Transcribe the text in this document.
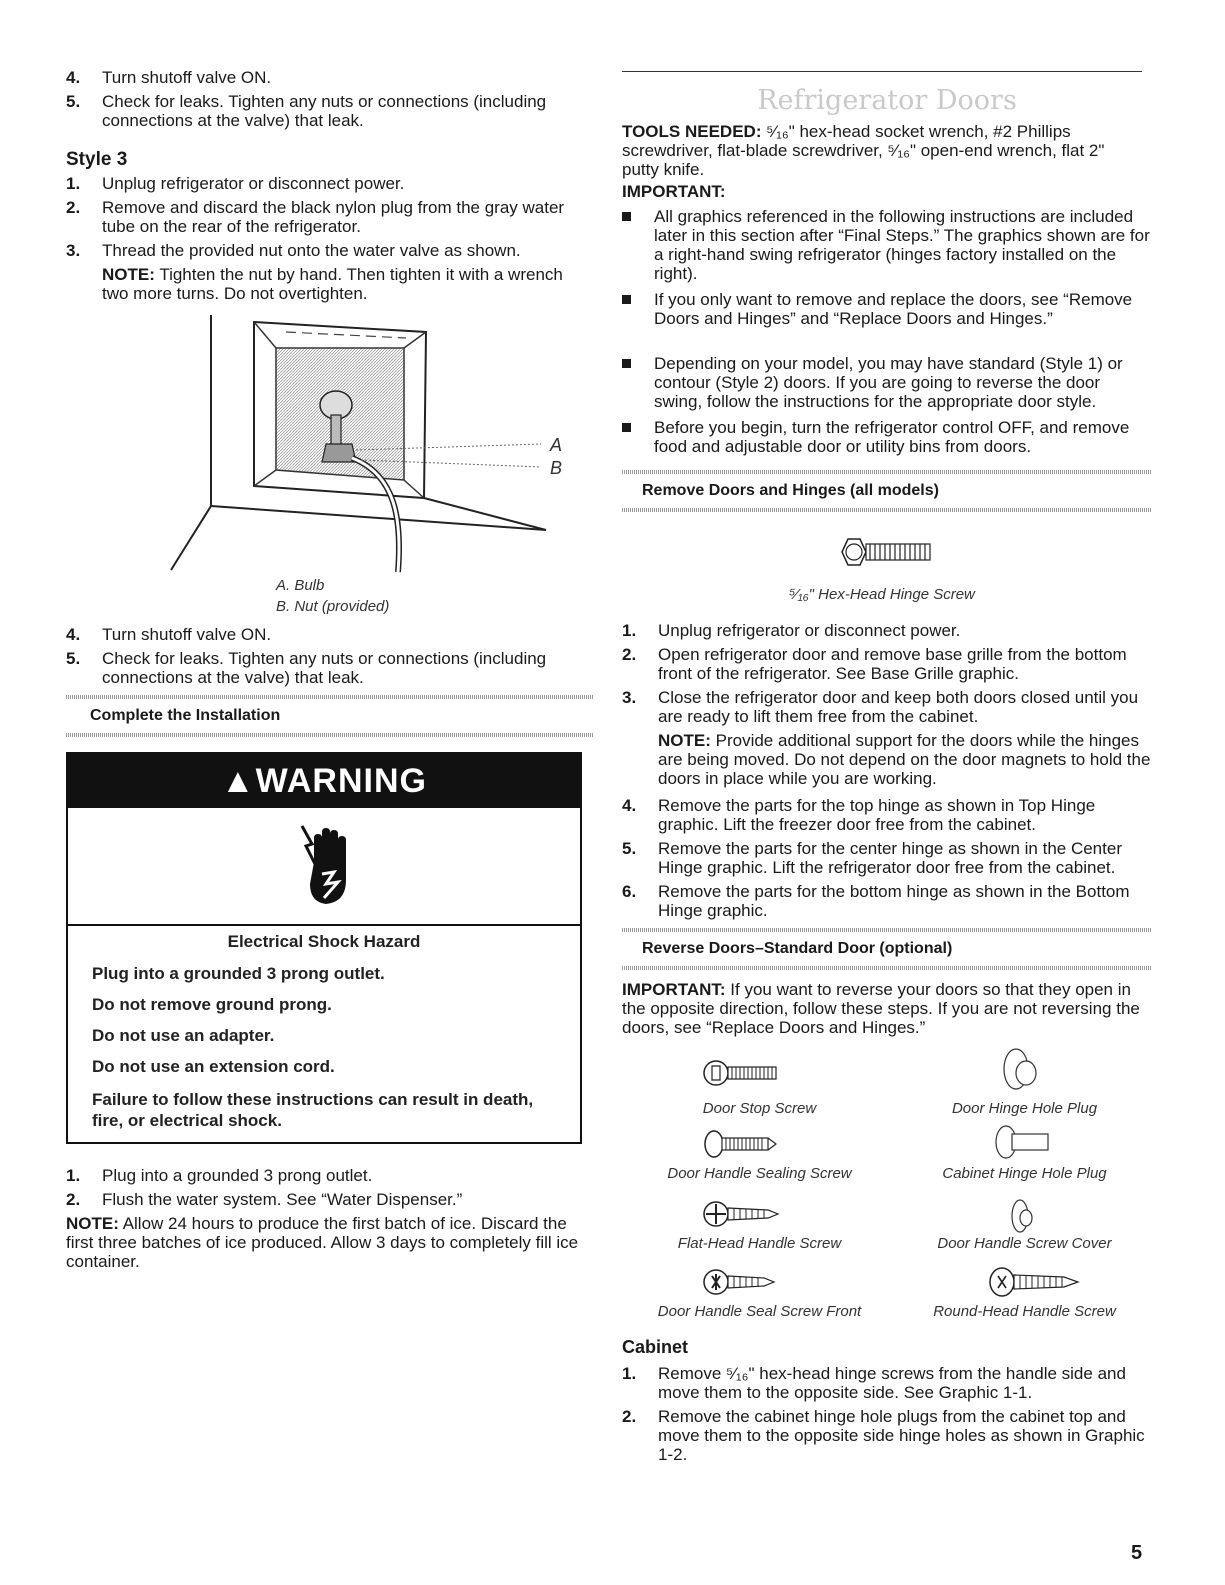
4. Turn shutoff valve ON.
5. Check for leaks. Tighten any nuts or connections (including connections at the valve) that leak.
Style 3
1. Unplug refrigerator or disconnect power.
2. Remove and discard the black nylon plug from the gray water tube on the rear of the refrigerator.
3. Thread the provided nut onto the water valve as shown.
NOTE: Tighten the nut by hand. Then tighten it with a wrench two more turns. Do not overtighten.
A
B
A. Bulb
B. Nut (provided)
4. Turn shutoff valve ON.
5. Check for leaks. Tighten any nuts or connections (including connections at the valve) that leak.
Complete the Installation
▲WARNING
Electrical Shock Hazard
Plug into a grounded 3 prong outlet.
Do not remove ground prong.
Do not use an adapter.
Do not use an extension cord.
Failure to follow these instructions can result in death, fire, or electrical shock.
1. Plug into a grounded 3 prong outlet.
2. Flush the water system. See “Water Dispenser.”
NOTE: Allow 24 hours to produce the first batch of ice. Discard the first three batches of ice produced. Allow 3 days to completely fill ice container.
Refrigerator Doors
TOOLS NEEDED: ⁵⁄₁₆" hex-head socket wrench, #2 Phillips screwdriver, flat-blade screwdriver, ⁵⁄₁₆" open-end wrench, flat 2" putty knife.
IMPORTANT:
All graphics referenced in the following instructions are included later in this section after “Final Steps.” The graphics shown are for a right-hand swing refrigerator (hinges factory installed on the right).
If you only want to remove and replace the doors, see “Remove Doors and Hinges” and “Replace Doors and Hinges.”
Depending on your model, you may have standard (Style 1) or contour (Style 2) doors. If you are going to reverse the door swing, follow the instructions for the appropriate door style.
Before you begin, turn the refrigerator control OFF, and remove food and adjustable door or utility bins from doors.
Remove Doors and Hinges (all models)
⁵⁄₁₆" Hex-Head Hinge Screw
1. Unplug refrigerator or disconnect power.
2. Open refrigerator door and remove base grille from the bottom front of the refrigerator. See Base Grille graphic.
3. Close the refrigerator door and keep both doors closed until you are ready to lift them free from the cabinet.
NOTE: Provide additional support for the doors while the hinges are being moved. Do not depend on the door magnets to hold the doors in place while you are working.
4. Remove the parts for the top hinge as shown in Top Hinge graphic. Lift the freezer door free from the cabinet.
5. Remove the parts for the center hinge as shown in the Center Hinge graphic. Lift the refrigerator door free from the cabinet.
6. Remove the parts for the bottom hinge as shown in the Bottom Hinge graphic.
Reverse Doors–Standard Door (optional)
IMPORTANT: If you want to reverse your doors so that they open in the opposite direction, follow these steps. If you are not reversing the doors, see “Replace Doors and Hinges.”
Door Stop Screw	Door Hinge Hole Plug
Door Handle Sealing Screw	Cabinet Hinge Hole Plug
Flat-Head Handle Screw	Door Handle Screw Cover
Door Handle Seal Screw Front	Round-Head Handle Screw
Cabinet
1. Remove ⁵⁄₁₆" hex-head hinge screws from the handle side and move them to the opposite side. See Graphic 1-1.
2. Remove the cabinet hinge hole plugs from the cabinet top and move them to the opposite side hinge holes as shown in Graphic 1-2.
5
